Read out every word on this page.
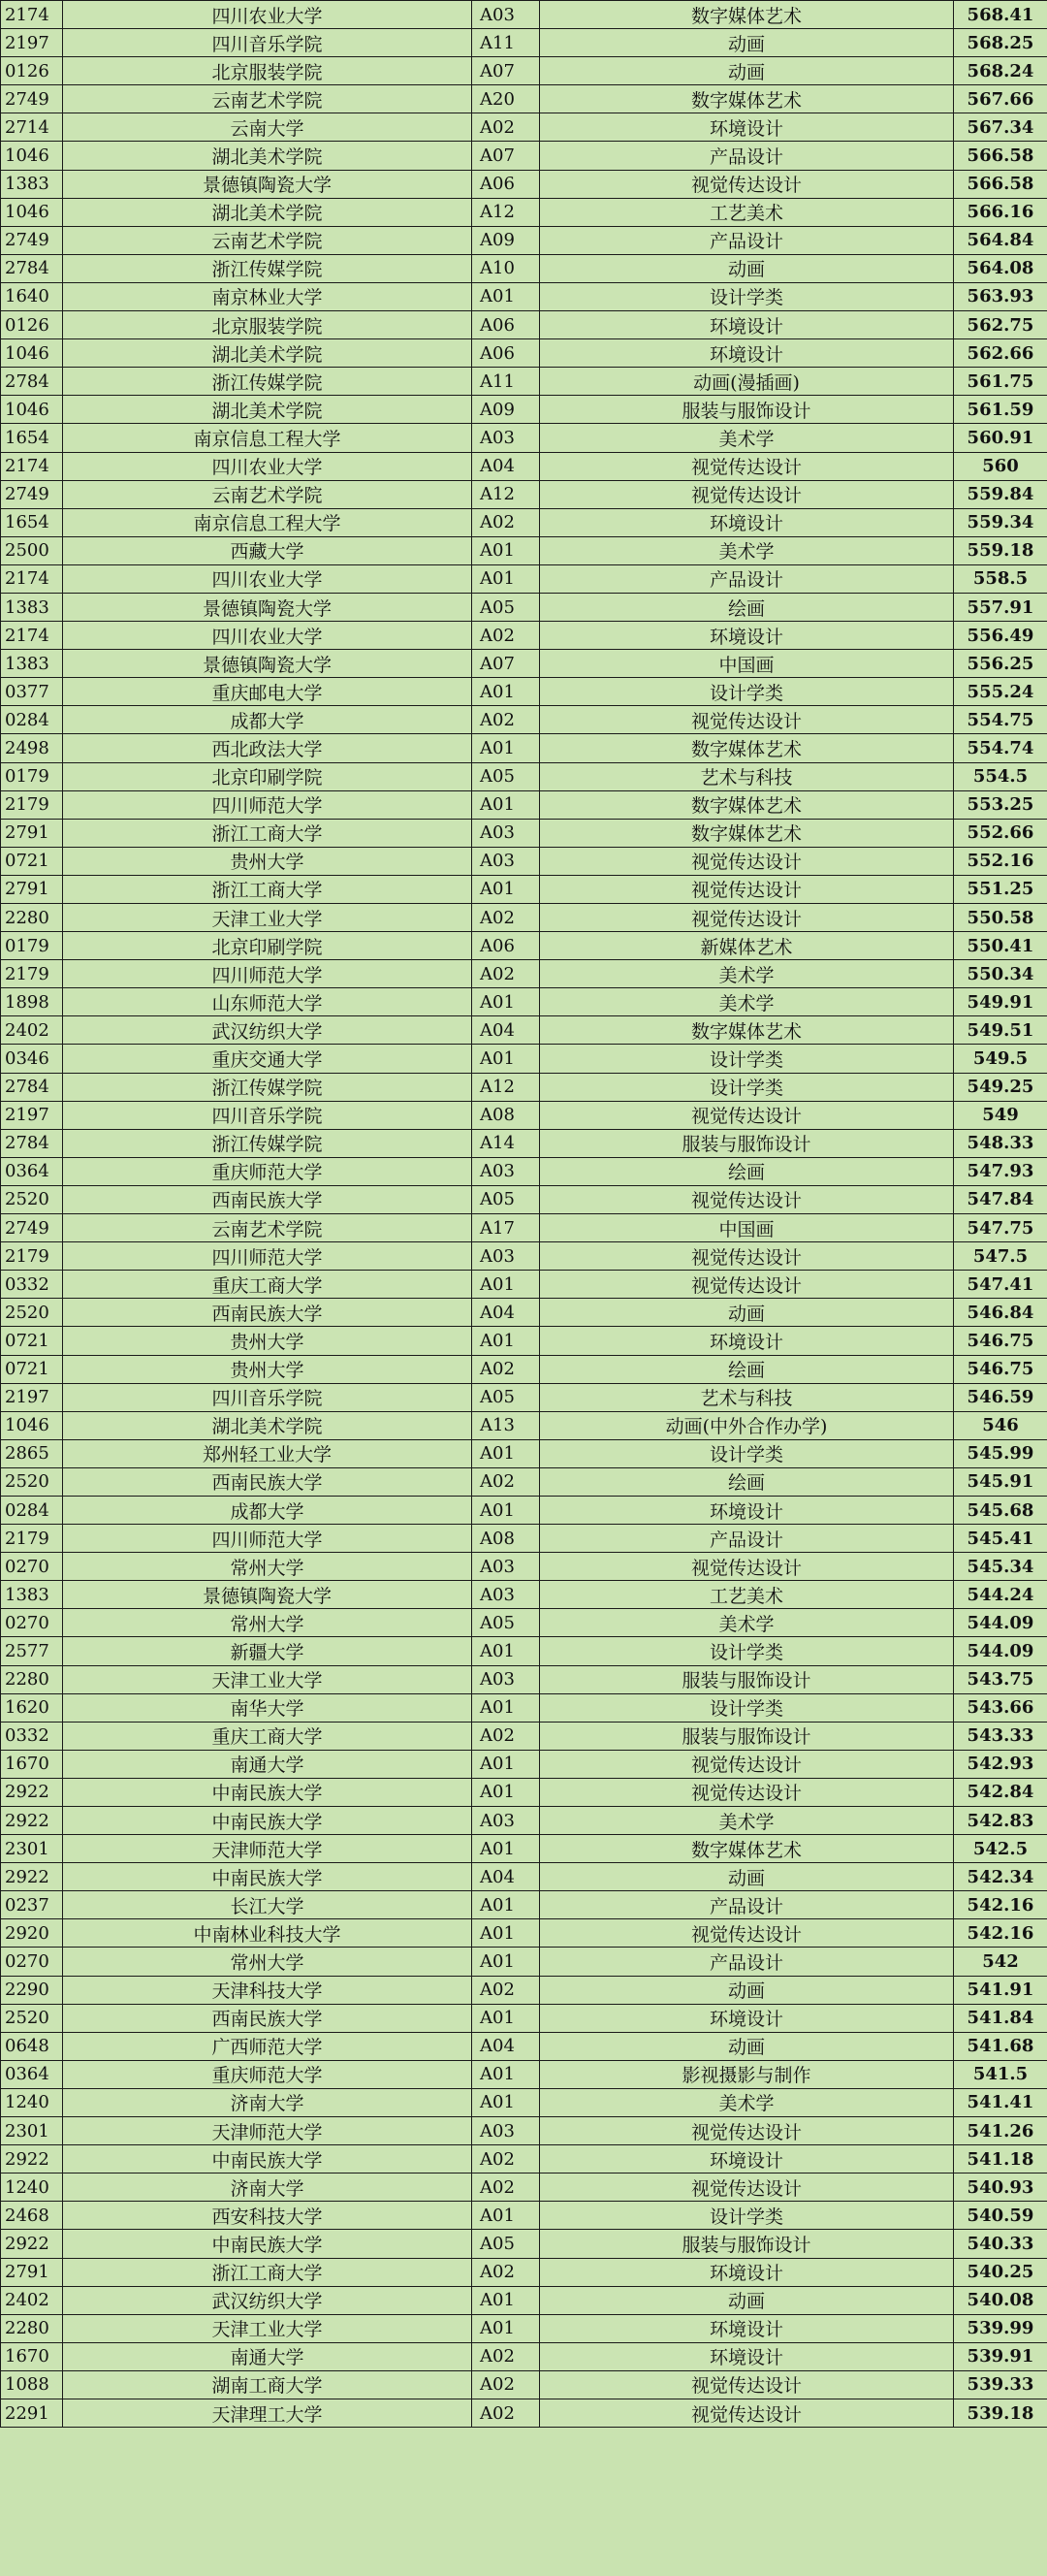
2174	四川农业大学	A03	数字媒体艺术	568.41
2197	四川音乐学院	A11	动画	568.25
0126	北京服装学院	A07	动画	568.24
2749	云南艺术学院	A20	数字媒体艺术	567.66
2714	云南大学	A02	环境设计	567.34
1046	湖北美术学院	A07	产品设计	566.58
1383	景德镇陶瓷大学	A06	视觉传达设计	566.58
1046	湖北美术学院	A12	工艺美术	566.16
2749	云南艺术学院	A09	产品设计	564.84
2784	浙江传媒学院	A10	动画	564.08
1640	南京林业大学	A01	设计学类	563.93
0126	北京服装学院	A06	环境设计	562.75
1046	湖北美术学院	A06	环境设计	562.66
2784	浙江传媒学院	A11	动画(漫插画)	561.75
1046	湖北美术学院	A09	服装与服饰设计	561.59
1654	南京信息工程大学	A03	美术学	560.91
2174	四川农业大学	A04	视觉传达设计	560
2749	云南艺术学院	A12	视觉传达设计	559.84
1654	南京信息工程大学	A02	环境设计	559.34
2500	西藏大学	A01	美术学	559.18
2174	四川农业大学	A01	产品设计	558.5
1383	景德镇陶瓷大学	A05	绘画	557.91
2174	四川农业大学	A02	环境设计	556.49
1383	景德镇陶瓷大学	A07	中国画	556.25
0377	重庆邮电大学	A01	设计学类	555.24
0284	成都大学	A02	视觉传达设计	554.75
2498	西北政法大学	A01	数字媒体艺术	554.74
0179	北京印刷学院	A05	艺术与科技	554.5
2179	四川师范大学	A01	数字媒体艺术	553.25
2791	浙江工商大学	A03	数字媒体艺术	552.66
0721	贵州大学	A03	视觉传达设计	552.16
2791	浙江工商大学	A01	视觉传达设计	551.25
2280	天津工业大学	A02	视觉传达设计	550.58
0179	北京印刷学院	A06	新媒体艺术	550.41
2179	四川师范大学	A02	美术学	550.34
1898	山东师范大学	A01	美术学	549.91
2402	武汉纺织大学	A04	数字媒体艺术	549.51
0346	重庆交通大学	A01	设计学类	549.5
2784	浙江传媒学院	A12	设计学类	549.25
2197	四川音乐学院	A08	视觉传达设计	549
2784	浙江传媒学院	A14	服装与服饰设计	548.33
0364	重庆师范大学	A03	绘画	547.93
2520	西南民族大学	A05	视觉传达设计	547.84
2749	云南艺术学院	A17	中国画	547.75
2179	四川师范大学	A03	视觉传达设计	547.5
0332	重庆工商大学	A01	视觉传达设计	547.41
2520	西南民族大学	A04	动画	546.84
0721	贵州大学	A01	环境设计	546.75
0721	贵州大学	A02	绘画	546.75
2197	四川音乐学院	A05	艺术与科技	546.59
1046	湖北美术学院	A13	动画(中外合作办学)	546
2865	郑州轻工业大学	A01	设计学类	545.99
2520	西南民族大学	A02	绘画	545.91
0284	成都大学	A01	环境设计	545.68
2179	四川师范大学	A08	产品设计	545.41
0270	常州大学	A03	视觉传达设计	545.34
1383	景德镇陶瓷大学	A03	工艺美术	544.24
0270	常州大学	A05	美术学	544.09
2577	新疆大学	A01	设计学类	544.09
2280	天津工业大学	A03	服装与服饰设计	543.75
1620	南华大学	A01	设计学类	543.66
0332	重庆工商大学	A02	服装与服饰设计	543.33
1670	南通大学	A01	视觉传达设计	542.93
2922	中南民族大学	A01	视觉传达设计	542.84
2922	中南民族大学	A03	美术学	542.83
2301	天津师范大学	A01	数字媒体艺术	542.5
2922	中南民族大学	A04	动画	542.34
0237	长江大学	A01	产品设计	542.16
2920	中南林业科技大学	A01	视觉传达设计	542.16
0270	常州大学	A01	产品设计	542
2290	天津科技大学	A02	动画	541.91
2520	西南民族大学	A01	环境设计	541.84
0648	广西师范大学	A04	动画	541.68
0364	重庆师范大学	A01	影视摄影与制作	541.5
1240	济南大学	A01	美术学	541.41
2301	天津师范大学	A03	视觉传达设计	541.26
2922	中南民族大学	A02	环境设计	541.18
1240	济南大学	A02	视觉传达设计	540.93
2468	西安科技大学	A01	设计学类	540.59
2922	中南民族大学	A05	服装与服饰设计	540.33
2791	浙江工商大学	A02	环境设计	540.25
2402	武汉纺织大学	A01	动画	540.08
2280	天津工业大学	A01	环境设计	539.99
1670	南通大学	A02	环境设计	539.91
1088	湖南工商大学	A02	视觉传达设计	539.33
2291	天津理工大学	A02	视觉传达设计	539.18
